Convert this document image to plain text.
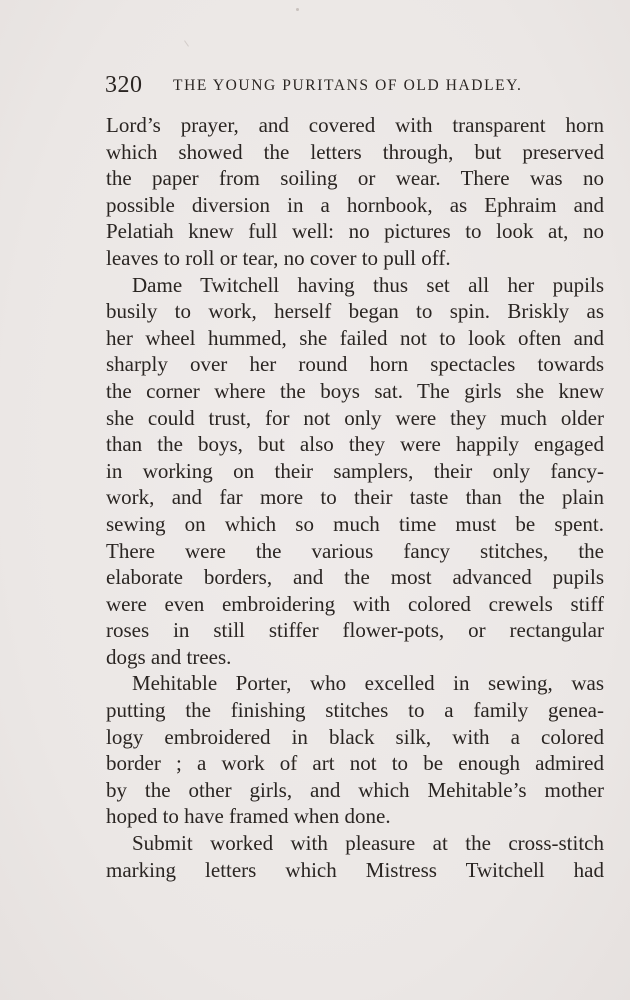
320 THE YOUNG PURITANS OF OLD HADLEY.
Lord’s prayer, and covered with transparent horn
which showed the letters through, but preserved
the paper from soiling or wear. There was no
possible diversion in a hornbook, as Ephraim and
Pelatiah knew full well: no pictures to look at, no
leaves to roll or tear, no cover to pull off.
Dame Twitchell having thus set all her pupils
busily to work, herself began to spin. Briskly as
her wheel hummed, she failed not to look often and
sharply over her round horn spectacles towards
the corner where the boys sat. The girls she knew
she could trust, for not only were they much older
than the boys, but also they were happily engaged
in working on their samplers, their only fancy-
work, and far more to their taste than the plain
sewing on which so much time must be spent.
There were the various fancy stitches, the
elaborate borders, and the most advanced pupils
were even embroidering with colored crewels stiff
roses in still stiffer flower-pots, or rectangular
dogs and trees.
Mehitable Porter, who excelled in sewing, was
putting the finishing stitches to a family genea-
logy embroidered in black silk, with a colored
border ; a work of art not to be enough admired
by the other girls, and which Mehitable’s mother
hoped to have framed when done.
Submit worked with pleasure at the cross-stitch
marking letters which Mistress Twitchell had
